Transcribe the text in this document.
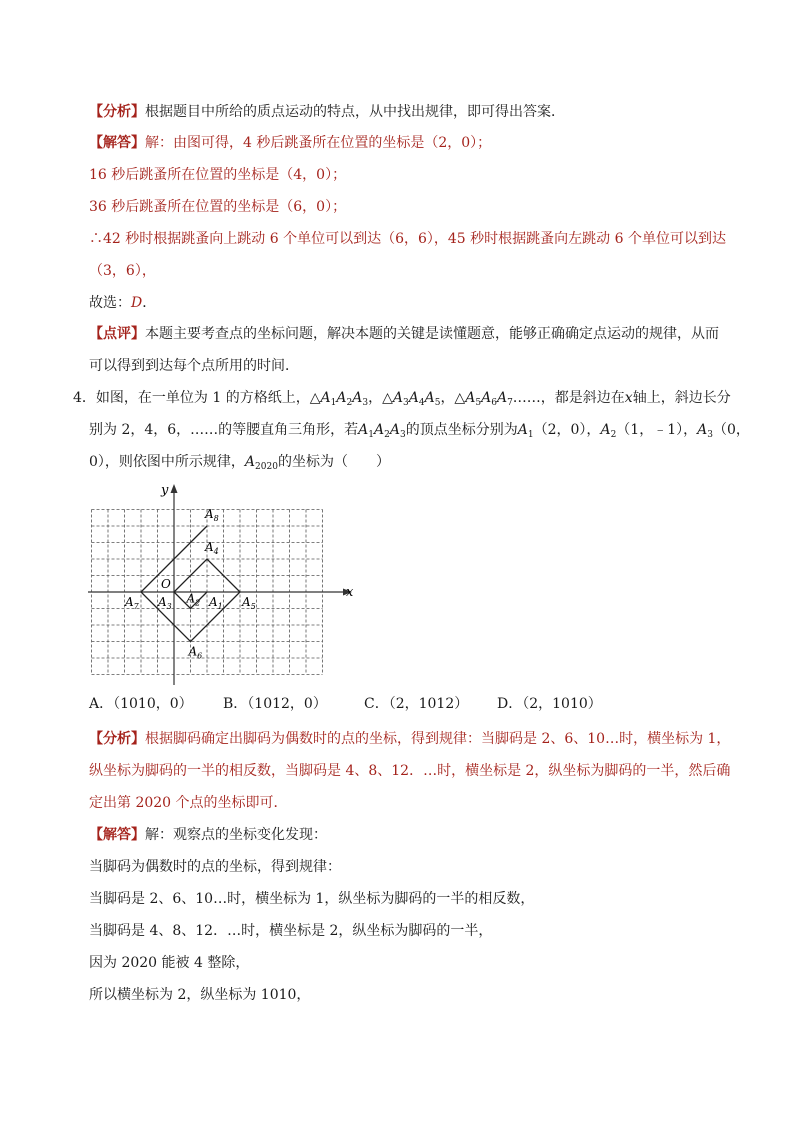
【分析】根据题目中所给的质点运动的特点，从中找出规律，即可得出答案．
【解答】解：由图可得，4 秒后跳蚤所在位置的坐标是（2，0）；
16 秒后跳蚤所在位置的坐标是（4，0）；
36 秒后跳蚤所在位置的坐标是（6，0）；
∴42 秒时根据跳蚤向上跳动 6 个单位可以到达（6，6），45 秒时根据跳蚤向左跳动 6 个单位可以到达
（3，6），
故选：D．
【点评】本题主要考查点的坐标问题，解决本题的关键是读懂题意，能够正确确定点运动的规律，从而
可以得到到达每个点所用的时间．
4．如图，在一单位为 1 的方格纸上，$\triangle A_1A_2A_3$，$\triangle A_3A_4A_5$，$\triangle A_5A_6A_7\dots\dots$，都是斜边在x轴上，斜边长分
别为 2，4，6，……的等腰直角三角形，若$A_1A_2A_3$的顶点坐标分别为$A_1(2$，0），$A_2(1$，﹣1），$A_3(0$，
0），则依图中所示规律，$A_{2020}$的坐标为（　　）
x
y
O
$A_1$
$A_2$
$A_3$
$A_4$
$A_5$
$A_6$
$A_7$
$A_8$
A．（1010，0） B．（1012，0）	C．（2，1012） D．（2，1010）
【分析】根据脚码确定出脚码为偶数时的点的坐标，得到规律：当脚码是 2、6、10…时，横坐标为 1，
纵坐标为脚码的一半的相反数，当脚码是 4、8、12．…时，横坐标是 2，纵坐标为脚码的一半，然后确
定出第 2020 个点的坐标即可．
【解答】解：观察点的坐标变化发现：
当脚码为偶数时的点的坐标，得到规律：
当脚码是 2、6、10…时，横坐标为 1，纵坐标为脚码的一半的相反数，
当脚码是 4、8、12．…时，横坐标是 2，纵坐标为脚码的一半，
因为 2020 能被 4 整除，
所以横坐标为 2，纵坐标为 1010，
